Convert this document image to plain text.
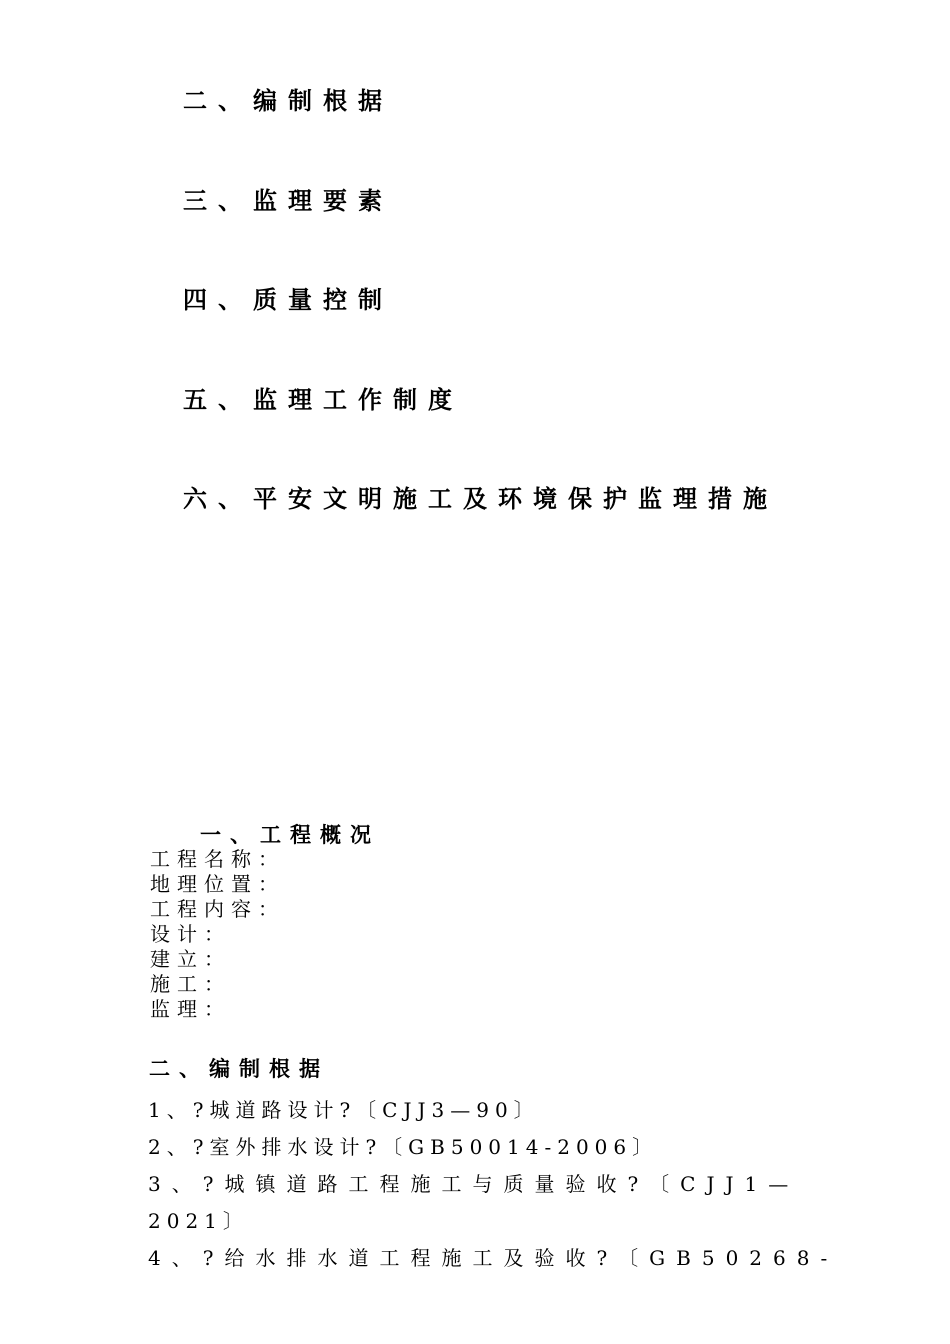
二、编制根据
三、监理要素
四、质量控制
五、监理工作制度
六、平安文明施工及环境保护监理措施
一、工程概况
工程名称：
地理位置：
工程内容：
设计：
建立：
施工：
监理：
二、编制根据
1、?城道路设计?〔CJJ3—90〕
2、?室外排水设计?〔GB50014-2006〕
3、?城镇道路工程施工与质量验收?〔CJJ1—
2021〕
4、?给水排水道工程施工及验收?〔GB50268-
